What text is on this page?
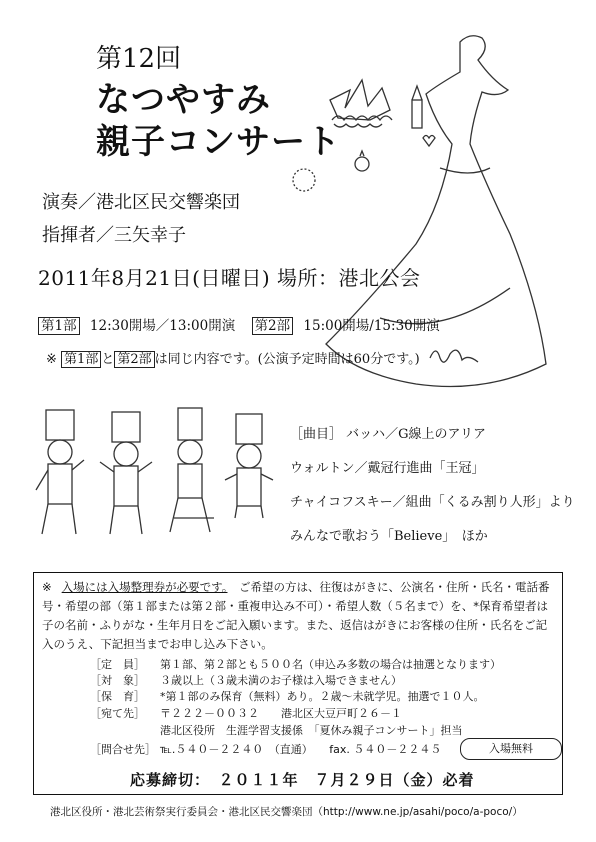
第12回
なつやすみ
親子コンサート
演奏／港北区民交響楽団
指揮者／三矢幸子
2011年8月21日(日曜日) 場所：港北公会
第1部 12:30開場／13:00開演 第2部 15:00開場/15:30開演
※ 第1部 と 第2部 は同じ内容です。(公演予定時間は60分です。)
［曲目］ バッハ／G線上のアリア
ウォルトン／戴冠行進曲「王冠」
チャイコフスキー／組曲「くるみ割り人形」より
みんなで歌おう「Believe」　ほか
※ 入場には入場整理券が必要です。　 ご希望の方は、往復はがきに、公演名・住所・氏名・電話番号・希望の部（第１部または第２部・重複申込み不可）・希望人数（５名まで）を、*保育希望者は子の名前・ふりがな・生年月日をご記入願います。また、返信はがきにお客様の住所・氏名をご記入のうえ、下記担当までお申し込み下さい。
［定　員］ 第１部、第２部とも５００名（申込み多数の場合は抽選となります）
［対　象］ ３歳以上（３歳未満のお子様は入場できません）
［保　育］ *第１部のみ保育（無料）あり。２歳～未就学児。抽選で１０人。
［宛て先］ 〒２２２－００３２　　港北区大豆戸町２６－１
港北区役所　生涯学習支援係　「夏休み親子コンサート」担当
［問合せ先］ ℡.５４０－２２４０　（直通）　　fax. ５４０－２２４５	入場無料
応募締切：　２０１１年　７月２９日（金）必着
港北区役所・港北芸術祭実行委員会・港北区民交響楽団（http://www.ne.jp/asahi/poco/a-poco/）
